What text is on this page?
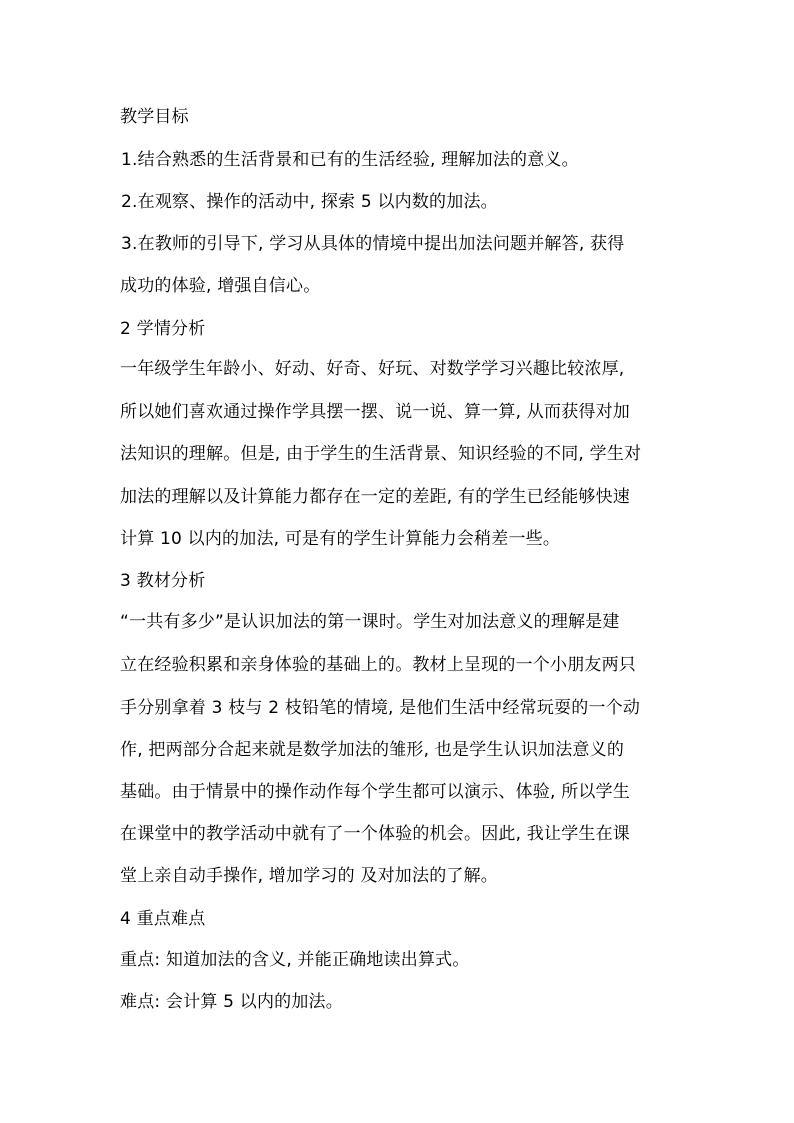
教学目标
1.结合熟悉的生活背景和已有的生活经验, 理解加法的意义。
2.在观察、操作的活动中, 探索 5 以内数的加法。
3.在教师的引导下, 学习从具体的情境中提出加法问题并解答, 获得
成功的体验, 增强自信心。
2 学情分析
一年级学生年龄小、好动、好奇、好玩、对数学学习兴趣比较浓厚,
所以她们喜欢通过操作学具摆一摆、说一说、算一算, 从而获得对加
法知识的理解。但是, 由于学生的生活背景、知识经验的不同, 学生对
加法的理解以及计算能力都存在一定的差距, 有的学生已经能够快速
计算 10 以内的加法, 可是有的学生计算能力会稍差一些。
3 教材分析
“一共有多少”是认识加法的第一课时。学生对加法意义的理解是建
立在经验积累和亲身体验的基础上的。教材上呈现的一个小朋友两只
手分别拿着 3 枝与 2 枝铅笔的情境, 是他们生活中经常玩耍的一个动
作, 把两部分合起来就是数学加法的雏形, 也是学生认识加法意义的
基础。由于情景中的操作动作每个学生都可以演示、体验, 所以学生
在课堂中的教学活动中就有了一个体验的机会。因此, 我让学生在课
堂上亲自动手操作, 增加学习的 及对加法的了解。
4 重点难点
重点: 知道加法的含义, 并能正确地读出算式。
难点: 会计算 5 以内的加法。
